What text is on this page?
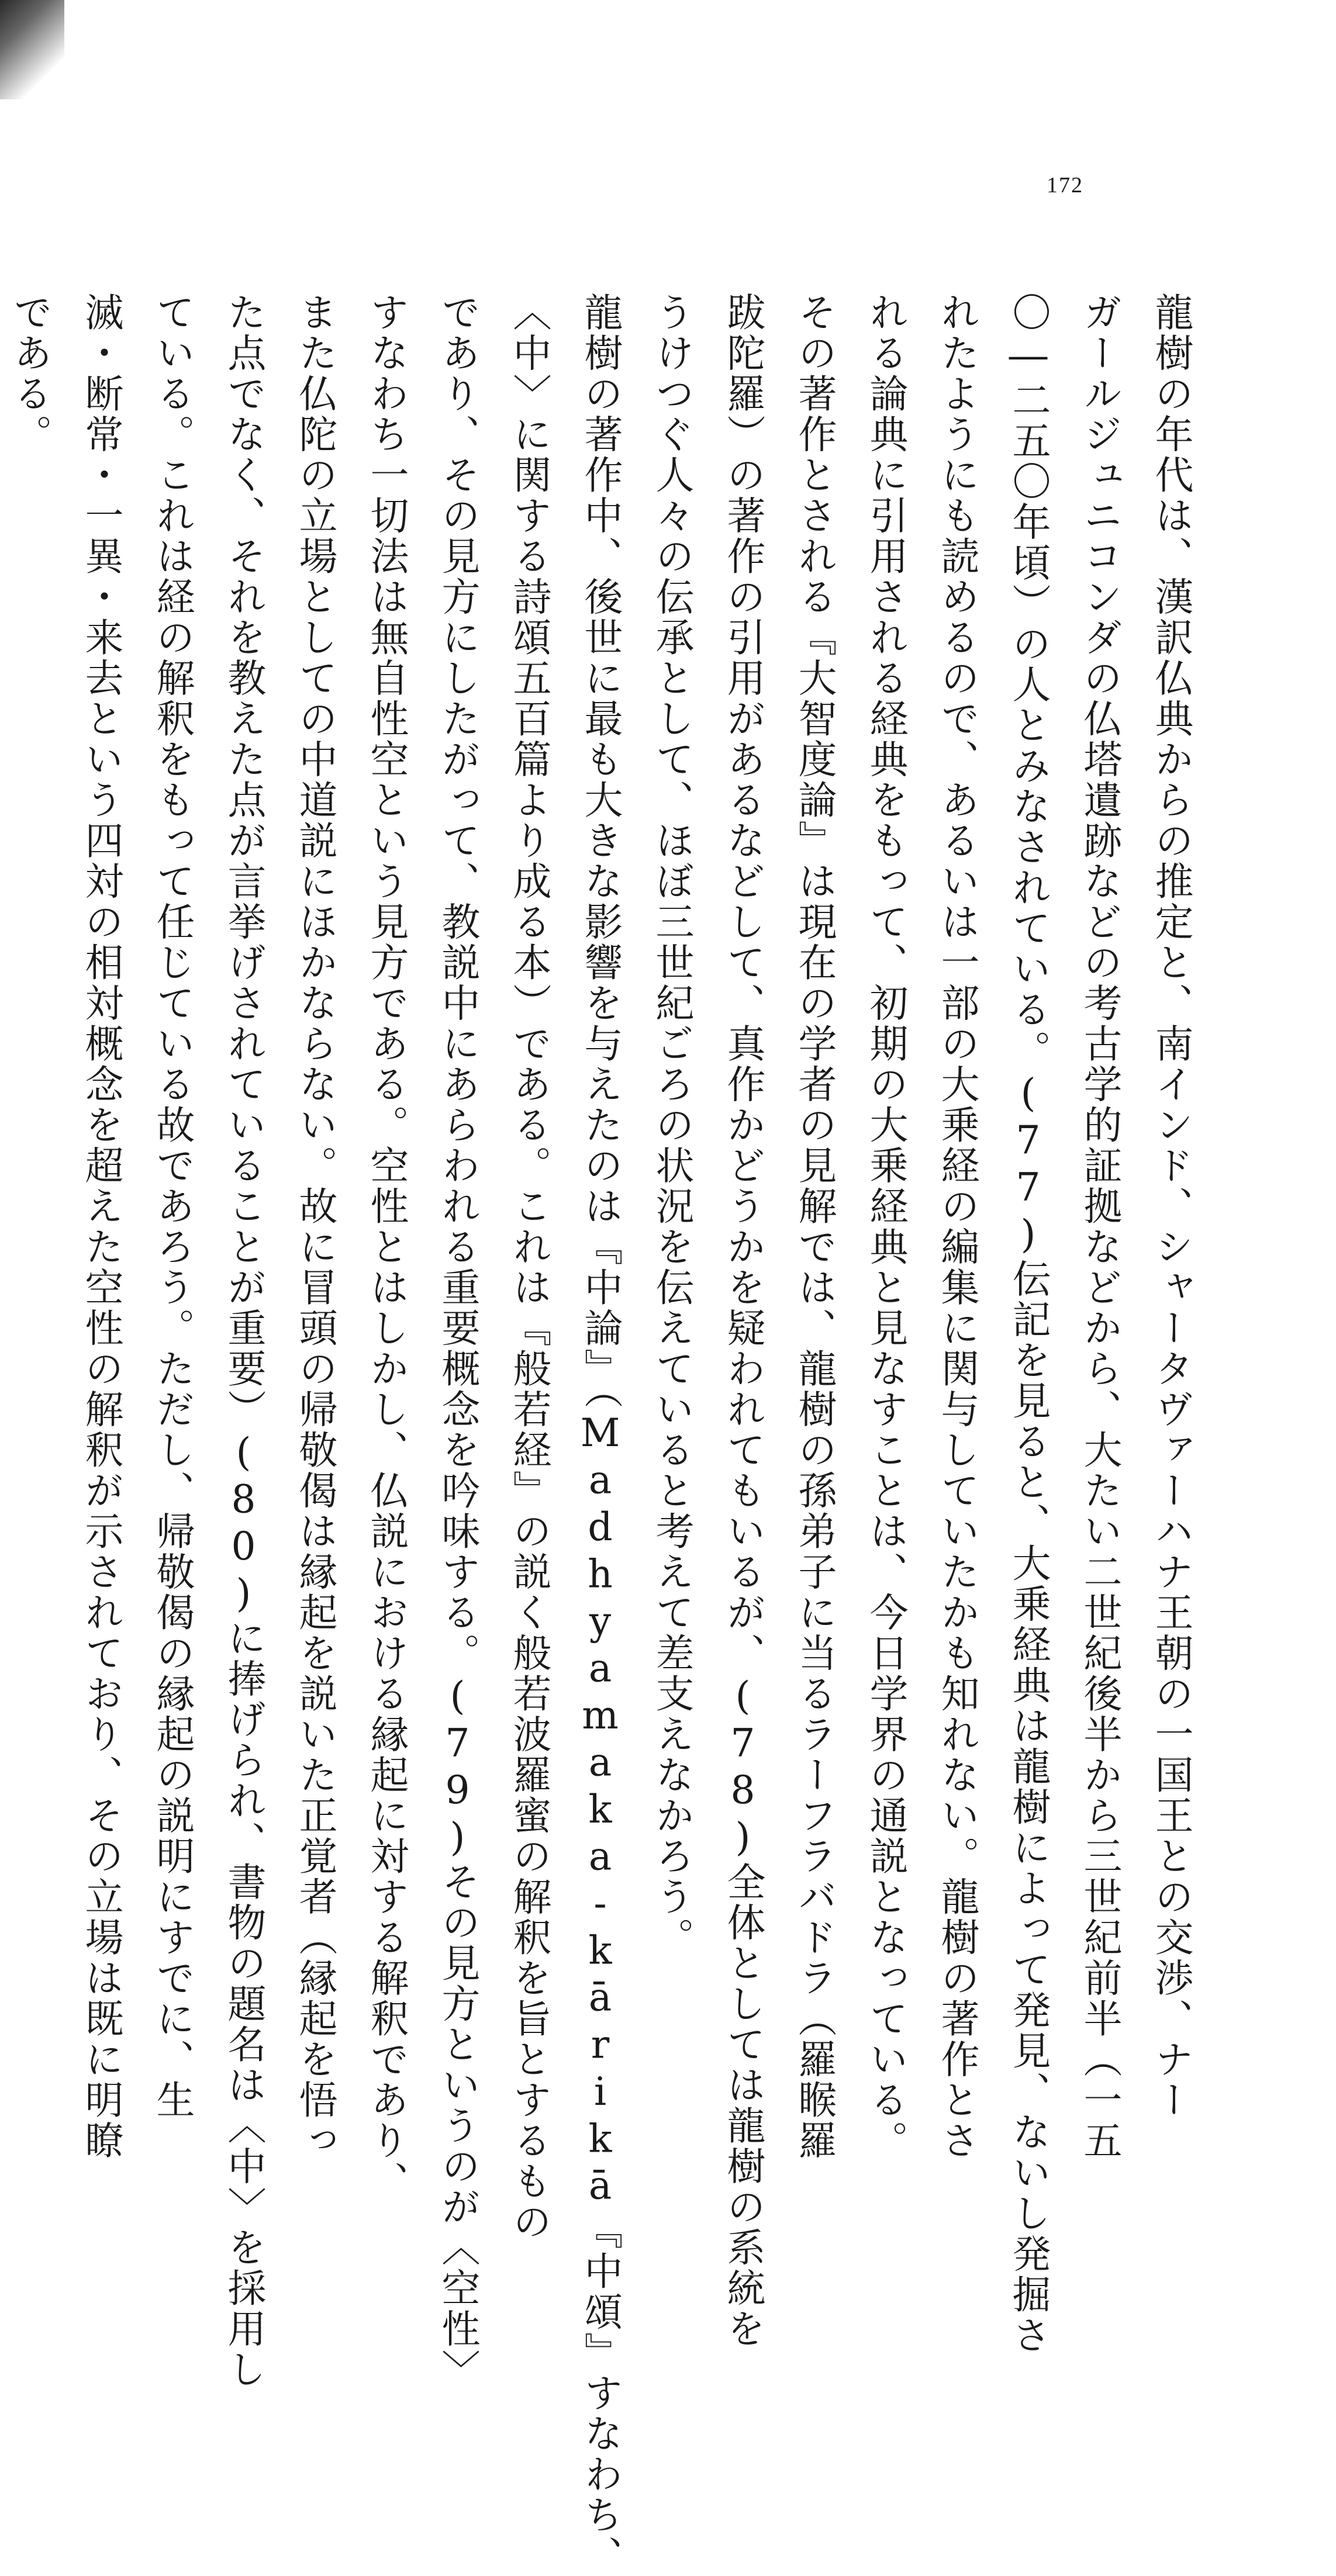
172
龍樹の年代は、漢訳仏典からの推定と、南インド、シャータヴァーハナ王朝の一国王との交渉、ナー
ガールジュニコンダの仏塔遺跡などの考古学的証拠などから、大たい二世紀後半から三世紀前半（一五
〇―二五〇年頃）の人とみなされている。(77)伝記を見ると、大乗経典は龍樹によって発見、ないし発掘さ
れたようにも読めるので、あるいは一部の大乗経の編集に関与していたかも知れない。龍樹の著作とさ
れる論典に引用される経典をもって、初期の大乗経典と見なすことは、今日学界の通説となっている。
その著作とされる『大智度論』は現在の学者の見解では、龍樹の孫弟子に当るラーフラバドラ（羅睺羅
跋陀羅）の著作の引用があるなどして、真作かどうかを疑われてもいるが、(78)全体としては龍樹の系統を
うけつぐ人々の伝承として、ほぼ三世紀ごろの状況を伝えていると考えて差支えなかろう。
龍樹の著作中、後世に最も大きな影響を与えたのは『中論』（Madhyamaka-kārikā『中頌』すなわち、
〈中〉に関する詩頌五百篇より成る本）である。これは『般若経』の説く般若波羅蜜の解釈を旨とするもの
であり、その見方にしたがって、教説中にあらわれる重要概念を吟味する。(79)その見方というのが〈空性〉
すなわち一切法は無自性空という見方である。空性とはしかし、仏説における縁起に対する解釈であり、
また仏陀の立場としての中道説にほかならない。故に冒頭の帰敬偈は縁起を説いた正覚者（縁起を悟っ
た点でなく、それを教えた点が言挙げされていることが重要）(80)に捧げられ、書物の題名は〈中〉を採用し
ている。これは経の解釈をもって任じている故であろう。ただし、帰敬偈の縁起の説明にすでに、生
滅・断常・一異・来去という四対の相対概念を超えた空性の解釈が示されており、その立場は既に明瞭
である。
